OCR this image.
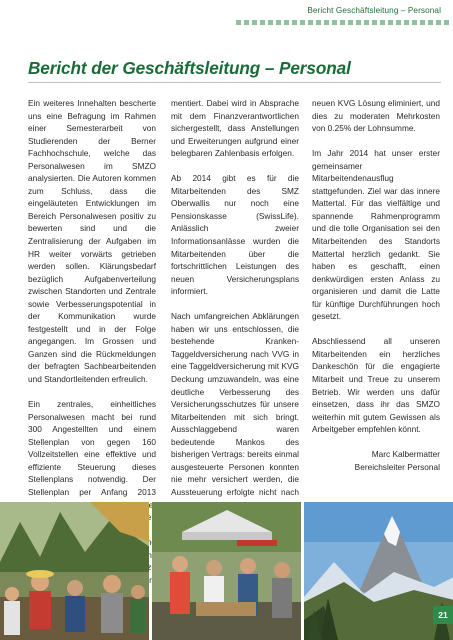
Bericht Geschäftsleitung – Personal
Bericht der Geschäftsleitung – Personal

Ein weiteres Innehalten bescherte uns eine Befragung im Rahmen einer Semesterarbeit von Studierenden der Berner Fachhochschule, welche das Personalwesen im SMZO analysierten. Die Autoren kommen zum Schluss, dass die eingeläuteten Entwicklungen im Bereich Personalwesen positiv zu bewerten sind und die Zentralisierung der Aufgaben im HR weiter vorwärts getrieben werden sollen. Klärungsbedarf bezüglich Aufgabenverteilung zwischen Standorten und Zentrale sowie Verbesserungspotential in der Kommunikation wurde festgestellt und in der Folge angegangen. Im Grossen und Ganzen sind die Rückmeldungen der befragten Sachbearbeitenden und Standortleitenden erfreulich.

Ein zentrales, einheitliches Personalwesen macht bei rund 300 Angestellten und einem Stellenplan von gegen 160 Vollzeitstellen eine effektive und effiziente Steuerung dieses Stellenplans notwendig. Der Stellenplan per Anfang 2013 den zu

mentiert. Dabei wird in Absprache mit dem Finanzverantwortlichen sichergestellt, dass Anstellungen und Erweiterungen aufgrund einer belegbaren Zahlenbasis erfolgen.

Ab 2014 gibt es für die Mitarbeitenden des SMZ Oberwallis nur noch eine Pensionskasse (SwissLife). Anlässlich zweier Informationsanlässe wurden die Mitarbeitenden über die fortschrittlichen Leistungen des neuen Versicherungsplans informiert.

Nach umfangreichen Abklärungen haben wir uns entschlossen, die bestehende Kranken-Taggeldversicherung nach VVG in eine Taggeldversicherung mit KVG Deckung umzuwandeln, was eine deutliche Verbesserung des Versicherungsschutzes für unsere Mitarbeitenden mit sich bringt. Ausschlaggebend waren bedeutende Mankos des bisherigen Vertrags: bereits einmal ausgesteuerte Personen konnten nie mehr versichert werden, die Aussteuerung erfolgte nicht nach

neuen KVG Lösung eliminiert, und dies zu moderaten Mehrkosten von 0.25% der Lohnsumme.

Im Jahr 2014 hat unser erster gemeinsamer Mitarbeitendenausflug stattgefunden. Ziel war das innere Mattertal. Für das vielfältige und spannende Rahmenprogramm und die tolle Organisation sei den Mitarbeitenden des Standorts Mattertal herzlich gedankt. Sie haben es geschafft, einen denkwürdigen ersten Anlass zu organisieren und damit die Latte für künftige Durchführungen hoch gesetzt.

Abschliessend all unseren Mitarbeitenden ein herzliches Dankeschön für die engagierte Mitarbeit und Treue zu unserem Betrieb. Wir werden uns dafür einsetzen, dass ihr das SMZO weiterhin mit gutem Gewissen als Arbeitgeber empfehlen könnt.

Marc Kalbermatter
Bereichsleiter Personal

21
